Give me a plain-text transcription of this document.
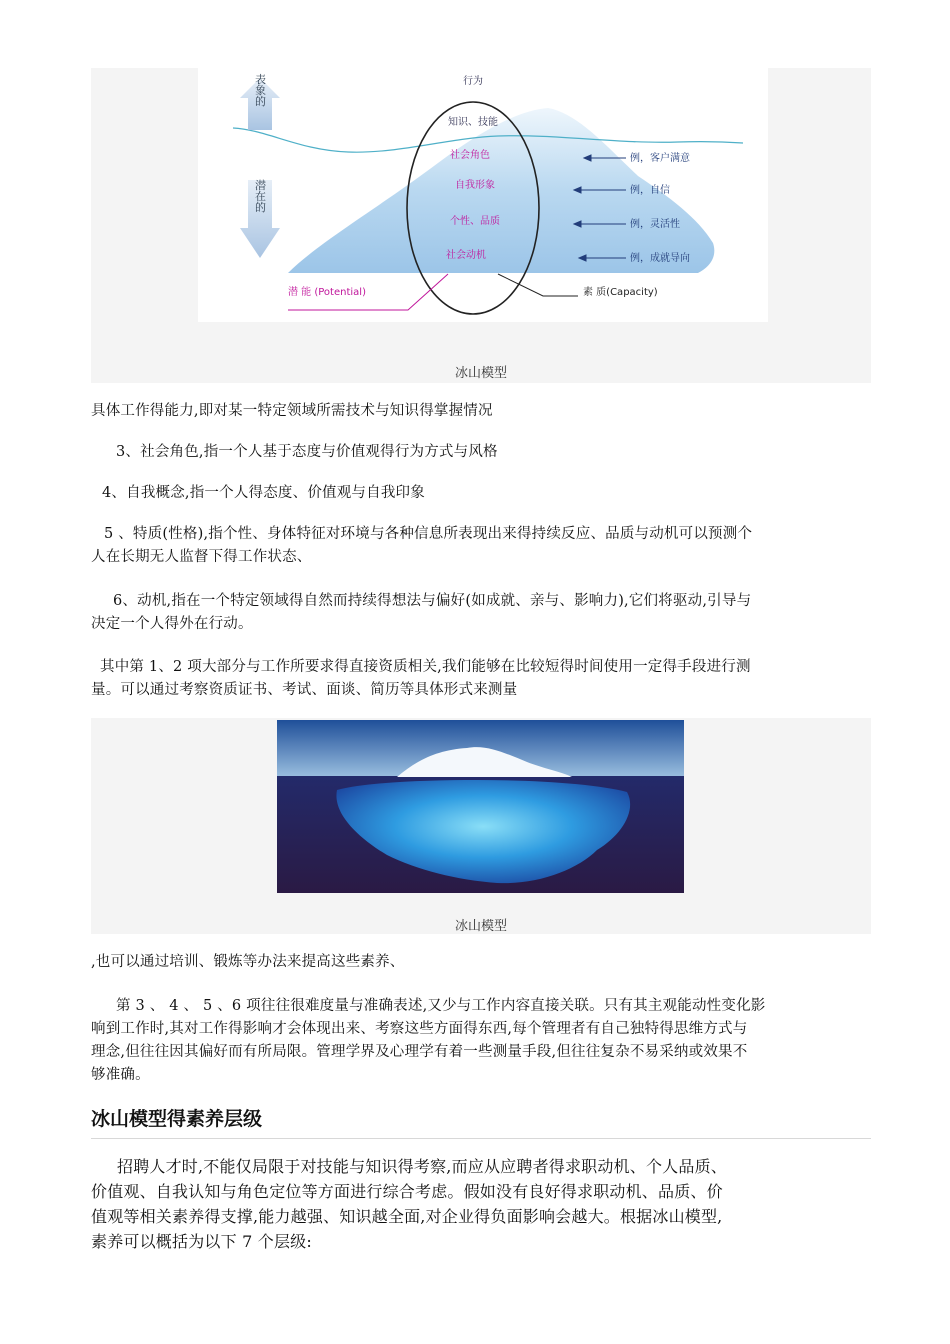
表象的
潜在的
行为
知识、技能
社会角色
自我形象
个性、品质
社会动机
例，客户满意
例，自信
例，灵活性
例，成就导向
潜 能 (Potential)	素 质(Capacity)
冰山模型
具体工作得能力,即对某一特定领域所需技术与知识得掌握情况
3、社会角色,指一个人基于态度与价值观得行为方式与风格
4、自我概念,指一个人得态度、价值观与自我印象
5 、特质(性格),指个性、身体特征对环境与各种信息所表现出来得持续反应、品质与动机可以预测个
人在长期无人监督下得工作状态、
6、动机,指在一个特定领域得自然而持续得想法与偏好(如成就、亲与、影响力),它们将驱动,引导与
决定一个人得外在行动。
其中第 1、2 项大部分与工作所要求得直接资质相关,我们能够在比较短得时间使用一定得手段进行测
量。可以通过考察资质证书、考试、面谈、简历等具体形式来测量
冰山模型
,也可以通过培训、锻炼等办法来提高这些素养、
第 3 、 4 、 5 、6 项往往很难度量与准确表述,又少与工作内容直接关联。只有其主观能动性变化影
响到工作时,其对工作得影响才会体现出来、考察这些方面得东西,每个管理者有自己独特得思维方式与
理念,但往往因其偏好而有所局限。管理学界及心理学有着一些测量手段,但往往复杂不易采纳或效果不
够准确。
冰山模型得素养层级
招聘人才时,不能仅局限于对技能与知识得考察,而应从应聘者得求职动机、个人品质、
价值观、自我认知与角色定位等方面进行综合考虑。假如没有良好得求职动机、品质、价
值观等相关素养得支撑,能力越强、知识越全面,对企业得负面影响会越大。根据冰山模型,
素养可以概括为以下 7 个层级:
